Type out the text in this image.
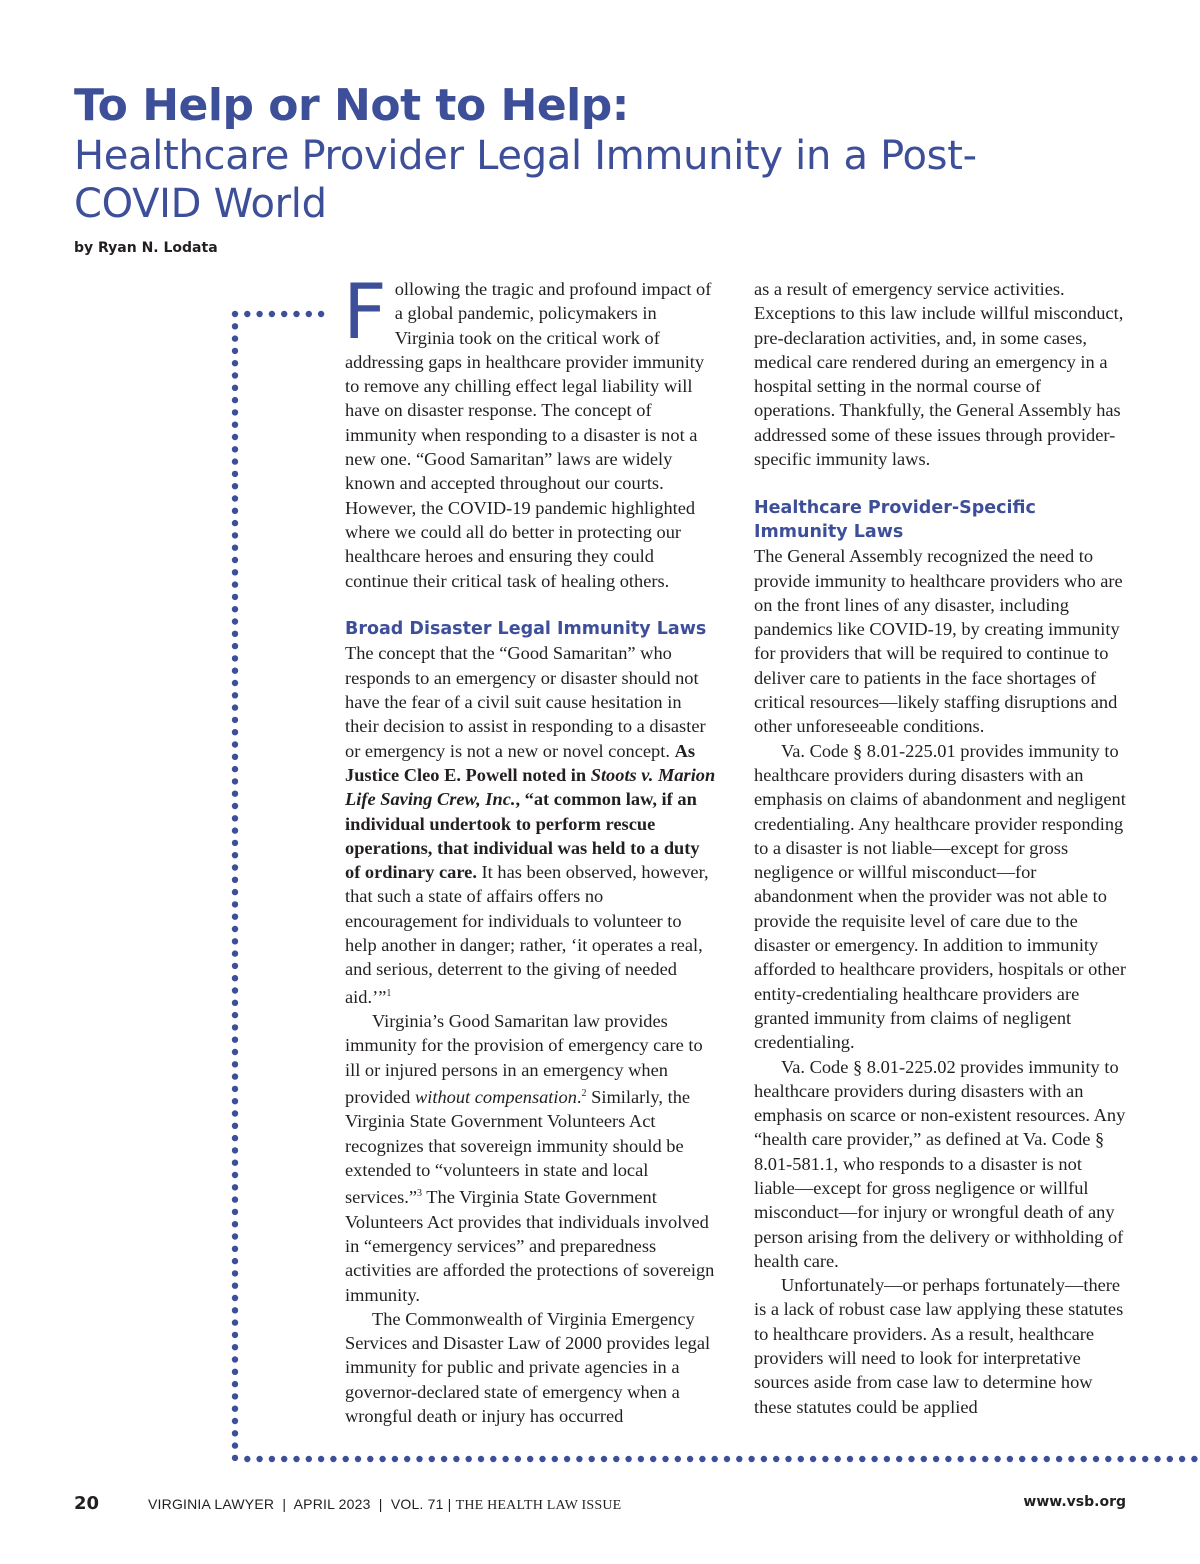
To Help or Not to Help:
Healthcare Provider Legal Immunity in a Post-COVID World
by Ryan N. Lodata

Following the tragic and profound impact of a global pandemic, policymakers in Virginia took on the critical work of addressing gaps in healthcare provider immunity to remove any chilling effect legal liability will have on disaster response. The concept of immunity when responding to a disaster is not a new one. “Good Samaritan” laws are widely known and accepted throughout our courts. However, the COVID-19 pandemic highlighted where we could all do better in protecting our healthcare heroes and ensuring they could continue their critical task of healing others.

Broad Disaster Legal Immunity Laws

The concept that the “Good Samaritan” who responds to an emergency or disaster should not have the fear of a civil suit cause hesitation in their decision to assist in responding to a disaster or emergency is not a new or novel concept. As Justice Cleo E. Powell noted in Stoots v. Marion Life Saving Crew, Inc., “at common law, if an individual undertook to perform rescue operations, that individual was held to a duty of ordinary care. It has been observed, however, that such a state of affairs offers no encouragement for individuals to volunteer to help another in danger; rather, ‘it operates a real, and serious, deterrent to the giving of needed aid.’”$^1$

Virginia’s Good Samaritan law provides immunity for the provision of emergency care to ill or injured persons in an emergency when provided without compensation.$^2$ Similarly, the Virginia State Government Volunteers Act recognizes that sovereign immunity should be extended to “volunteers in state and local services.”$^3$ The Virginia State Government Volunteers Act provides that individuals involved in “emergency services” and preparedness activities are afforded the protections of sovereign immunity.

The Commonwealth of Virginia Emergency Services and Disaster Law of 2000 provides legal immunity for public and private agencies in a governor-declared state of emergency when a wrongful death or injury has occurred

as a result of emergency service activities. Exceptions to this law include willful misconduct, pre-declaration activities, and, in some cases, medical care rendered during an emergency in a hospital setting in the normal course of operations. Thankfully, the General Assembly has addressed some of these issues through provider-specific immunity laws.

Healthcare Provider-Specific Immunity Laws

The General Assembly recognized the need to provide immunity to healthcare providers who are on the front lines of any disaster, including pandemics like COVID-19, by creating immunity for providers that will be required to continue to deliver care to patients in the face shortages of critical resources—likely staffing disruptions and other unforeseeable conditions.

Va. Code § 8.01-225.01 provides immunity to healthcare providers during disasters with an emphasis on claims of abandonment and negligent credentialing. Any healthcare provider responding to a disaster is not liable—except for gross negligence or willful misconduct—for abandonment when the provider was not able to provide the requisite level of care due to the disaster or emergency. In addition to immunity afforded to healthcare providers, hospitals or other entity-credentialing healthcare providers are granted immunity from claims of negligent credentialing.

Va. Code § 8.01-225.02 provides immunity to healthcare providers during disasters with an emphasis on scarce or non-existent resources. Any “health care provider,” as defined at Va. Code § 8.01-581.1, who responds to a disaster is not liable—except for gross negligence or willful misconduct—for injury or wrongful death of any person arising from the delivery or withholding of health care.

Unfortunately—or perhaps fortunately—there is a lack of robust case law applying these statutes to healthcare providers. As a result, healthcare providers will need to look for interpretative sources aside from case law to determine how these statutes could be applied

20	VIRGINIA LAWYER  |  APRIL 2023  |  VOL. 71 | THE HEALTH LAW ISSUE	www.vsb.org
